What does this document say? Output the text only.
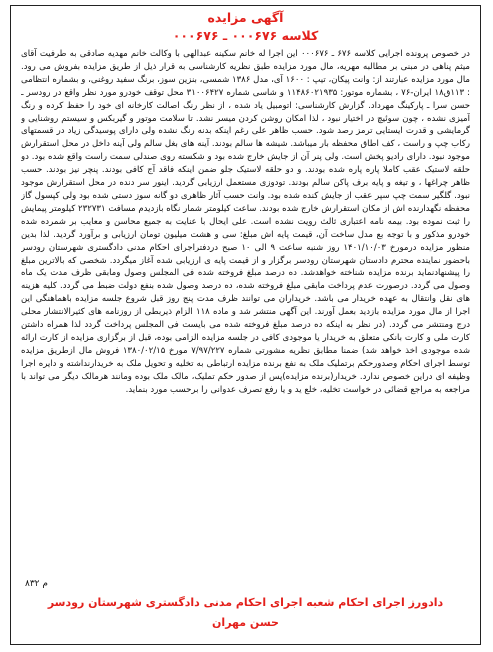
آگهی مزایده
کلاسه ۰۰۰۶۷۶ ـ ۰۰۰۶۷۶
در خصوص پرونده اجرایی کلاسه ۶۷۶ ـ ۰۰۰۶۷۶ این اجرا له خانم سکینه عبدالهی با وکالت خانم مهدیه صادقی به طرفیت آقای میثم پناهی در مبنی بر مطالبه مهریه، مال مورد مزایده طبق نظریه کارشناسی به قرار ذیل از طریق مزایده بفروش می رود. مال مورد مزایده عبارتند از: وانت پیکان، تیپ : ۱۶۰۰ آی، مدل ۱۳۸۶ شمسی، بنزین سوز، برنگ سفید روغنی، و بشماره انتظامی : ۱۱۳ق۱۸ ایران-۷۶ ، بشماره موتور: ۱۱۴۸۶۰۲۱۹۳۵ و شاسی شماره ۳۱۰۰۶۴۲۷ محل توقف خودرو مورد نظر واقع در رودسر ـ حسن سرا ـ پارکینگ مهرداد. گزارش کارشناسی: اتومبیل یاد شده ، از نظر رنگ اصالت کارخانه ای خود را حفظ کرده و رنگ آمیزی نشده ، چون سوئیچ در اختیار نبود ، لذا امکان روشن کردن میسر نشد. تا سلامت موتور و گیربکس و سیستم روشنایی و گرمایشی و قدرت ایستایی ترمز رصد شود. حسب ظاهر علی رغم اینکه بدنه رنگ نشده ولی دارای پوسیدگی زیاد در قسمتهای رکاب چپ و راست ، کف اطاق محفظه بار میباشد. شیشه ها سالم بودند. آینه های بغل سالم ولی آینه داخل در محل استقرارش موجود نبود. دارای رادیو پخش است. ولی پنر آن از جایش خارج شده بود و شکسته روی صندلی سمت راست واقع شده بود. دو حلقه لاستیک عقب کاملا پاره پاره شده بودند. و دو حلقه لاستیک جلو ضمن اینکه فاقد آج کافی بودند. پنچر نیز بودند. حسب ظاهر چراغها ، و تیغه و پایه برف پاکن سالم بودند. تودوزی مستعمل ارزیابی گردید. اینور سر دنده در محل استقرارش موجود نبود. گلگیر سمت چپ سپر عقب از جایش کنده شده بود. وانت حسب آثار ظاهری دو گانه سوز دستی شده بود ولی کپسول گاز محفظه نگهدارنده اش از مکان استقرارش خارج شده بودند. ساعت کیلومتر شمار نگاه بازدیدم مسافت ۲۳۲۷۳۱ کیلومتر پیمایش را ثبت نموده بود. بیمه نامه اعتباری ثالث رویت نشده است. علی ایحال با عنایت به جمیع محاسن و معایب بر شمرده شده خودرو مذکور و با توجه بع مدل ساخت آن، قیمت پایه اش مبلغ: سی و هشت میلیون تومان ارزیابی و برآورد گردید. لذا بدین منظور مزایده درمورخ ۱۴۰۱/۱۰/۰۳ روز شنبه ساعت ۹ الی ۱۰ صبح دردفتراجرای احکام مدنی دادگستری شهرستان رودسر باحضور نماینده محترم دادستان شهرستان رودسر برگزار و از قیمت پایه ی ارزیابی شده آغاز میگردد. شخصی که بالاترین مبلغ را پیشنهادنماید برنده مزایده شناخته خواهدشد. ده درصد مبلغ فروخته شده فی المجلس وصول ومابقی ظرف مدت یک ماه وصول می گردد. درصورت عدم پرداخت مابقی مبلغ فروخته شده، ده درصد وصول شده بنفع دولت ضبط می گردد. کلیه هزینه های نقل وانتقال به عهده خریدار می باشد. خریداران می توانند ظرف مدت پنج روز قبل شروع جلسه مزایده باهماهنگی این اجرا از مال مورد مزایده بازدید بعمل آورند. این آگهی منتشر شد و ماده ۱۱۸ الزام ذیربطی از روزنامه های کثیرالانتشار محلی درج ومنتشر می گردد. (در نظر به اینکه ده درصد مبلغ فروخته شده می بایست فی المجلس پرداخت گردد لذا همراه داشتن کارت ملی و کارت بانکی متعلق به خریدار یا موجودی کافی در جلسه مزایده الزامی بوده، قبل از برگزاری مزایده از کارت ارائه شده موجودی اخذ خواهد شد) ضمنا مطابق نظریه مشورتی شماره ۷/۹۷/۲۲۷ مورخ ۱۳۸۰/۰۲/۱۵ فروش مال ازطریق مزایده توسط اجرای احکام وصدورحکم برتملیک ملک به نفع برنده مزایده ارتباطی به تخلیه و تحویل ملک به خریدارنداشته و دایره اجرا وظیفه ای دراین خصوص ندارد. خریدار(برنده مزایده)پس از صدور حکم تملیک، مالک ملک بوده ومانند هرمالک دیگر می تواند با مراجعه به مراجع قضائی در خواست تخلیه، خلع ید و یا رفع تصرف عدوانی را برحسب مورد بنماید.
م ۸۳۲
دادورز اجرای احکام شعبه اجرای احکام مدنی دادگستری شهرستان رودسر
حسن مهران
